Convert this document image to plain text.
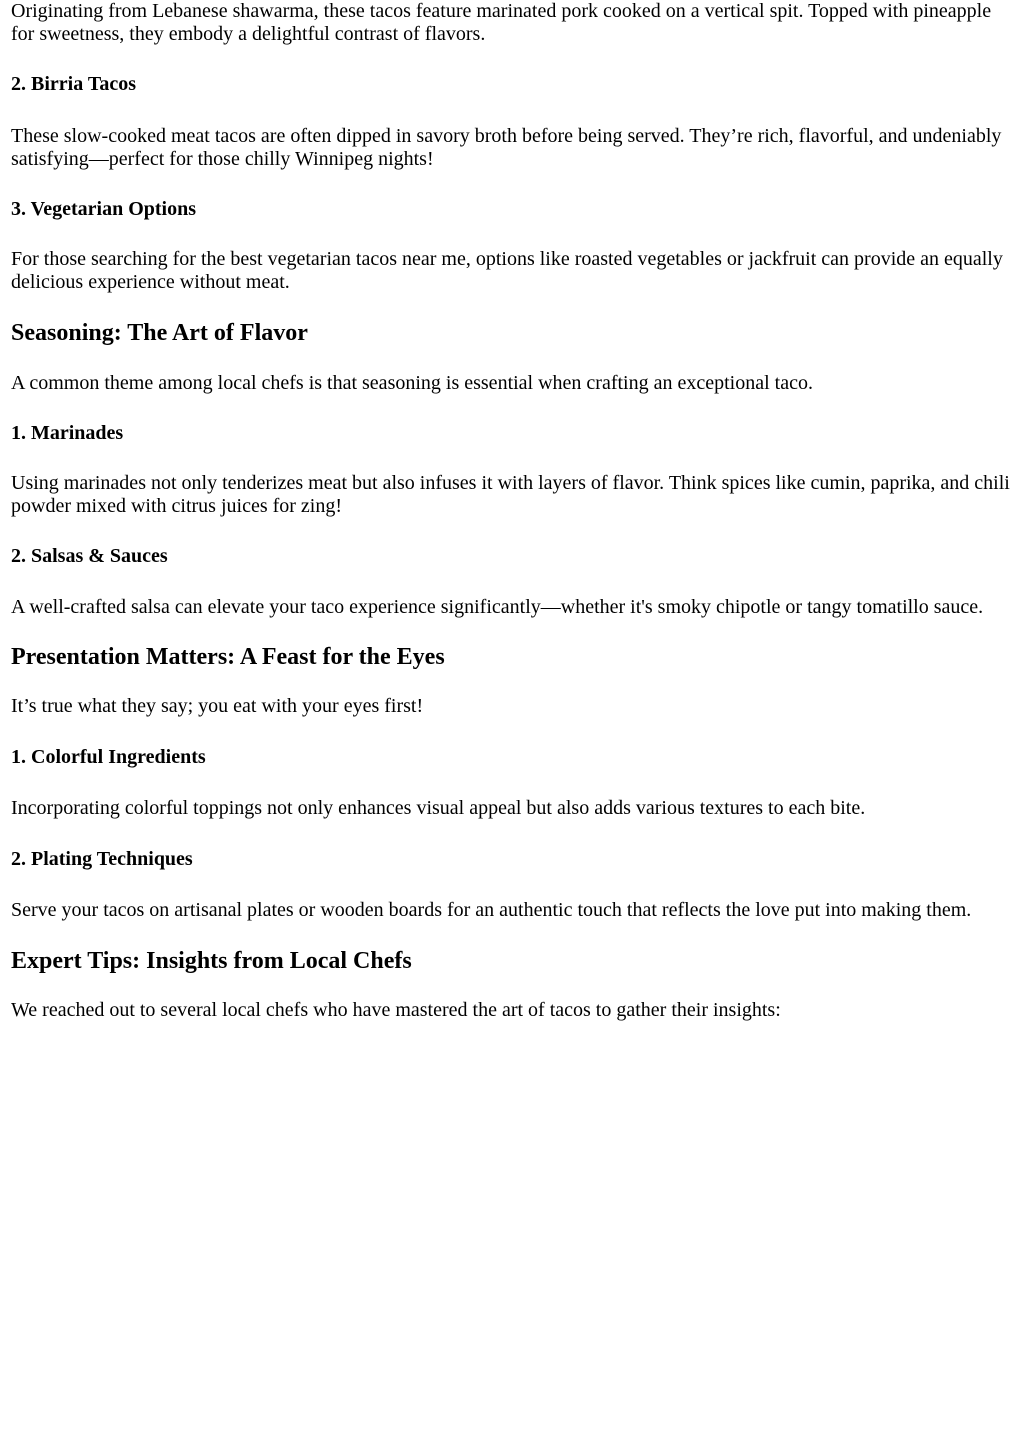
Originating from Lebanese shawarma, these tacos feature marinated pork cooked on a vertical spit. Topped with pineapple for sweetness, they embody a delightful contrast of flavors.

2. Birria Tacos

These slow-cooked meat tacos are often dipped in savory broth before being served. They’re rich, flavorful, and undeniably satisfying—perfect for those chilly Winnipeg nights!

3. Vegetarian Options

For those searching for the best vegetarian tacos near me, options like roasted vegetables or jackfruit can provide an equally delicious experience without meat.

Seasoning: The Art of Flavor

A common theme among local chefs is that seasoning is essential when crafting an exceptional taco.

1. Marinades

Using marinades not only tenderizes meat but also infuses it with layers of flavor. Think spices like cumin, paprika, and chili powder mixed with citrus juices for zing!

2. Salsas & Sauces

A well-crafted salsa can elevate your taco experience significantly—whether it's smoky chipotle or tangy tomatillo sauce.

Presentation Matters: A Feast for the Eyes

It’s true what they say; you eat with your eyes first!

1. Colorful Ingredients

Incorporating colorful toppings not only enhances visual appeal but also adds various textures to each bite.

2. Plating Techniques

Serve your tacos on artisanal plates or wooden boards for an authentic touch that reflects the love put into making them.

Expert Tips: Insights from Local Chefs

We reached out to several local chefs who have mastered the art of tacos to gather their insights:
